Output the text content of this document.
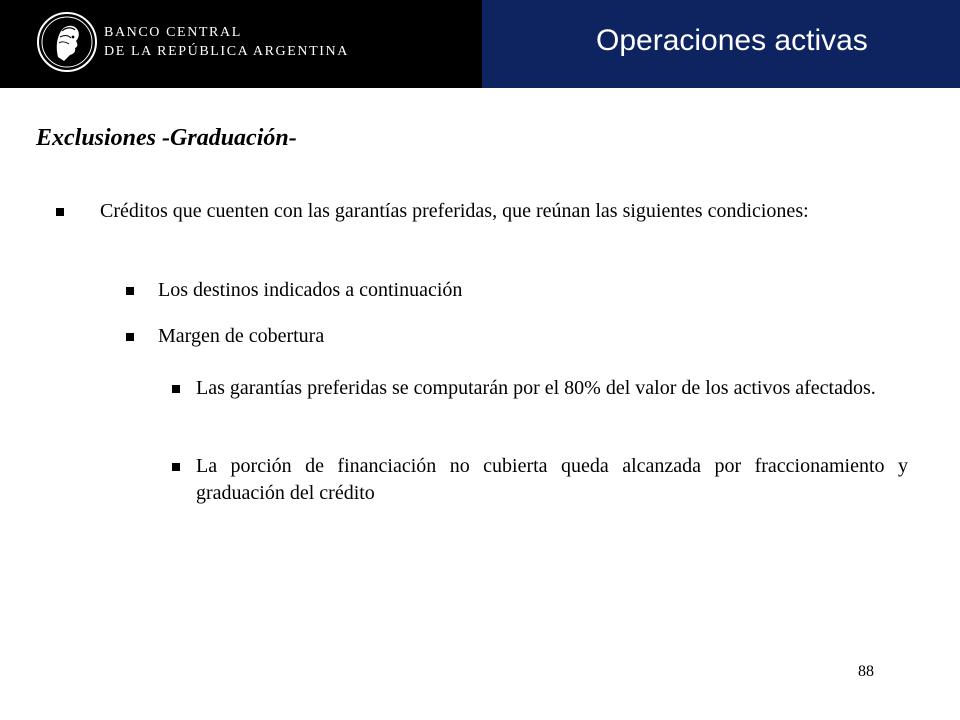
BANCO CENTRAL
DE LA REPÚBLICA ARGENTINA	Operaciones activas
Exclusiones -Graduación-
Créditos que cuenten con las garantías preferidas, que reúnan las siguientes condiciones:
Los destinos indicados a continuación
Margen de cobertura
Las garantías preferidas se computarán por el 80% del valor de los activos afectados.
La porción de financiación no cubierta queda alcanzada por fraccionamiento y graduación del crédito
88
